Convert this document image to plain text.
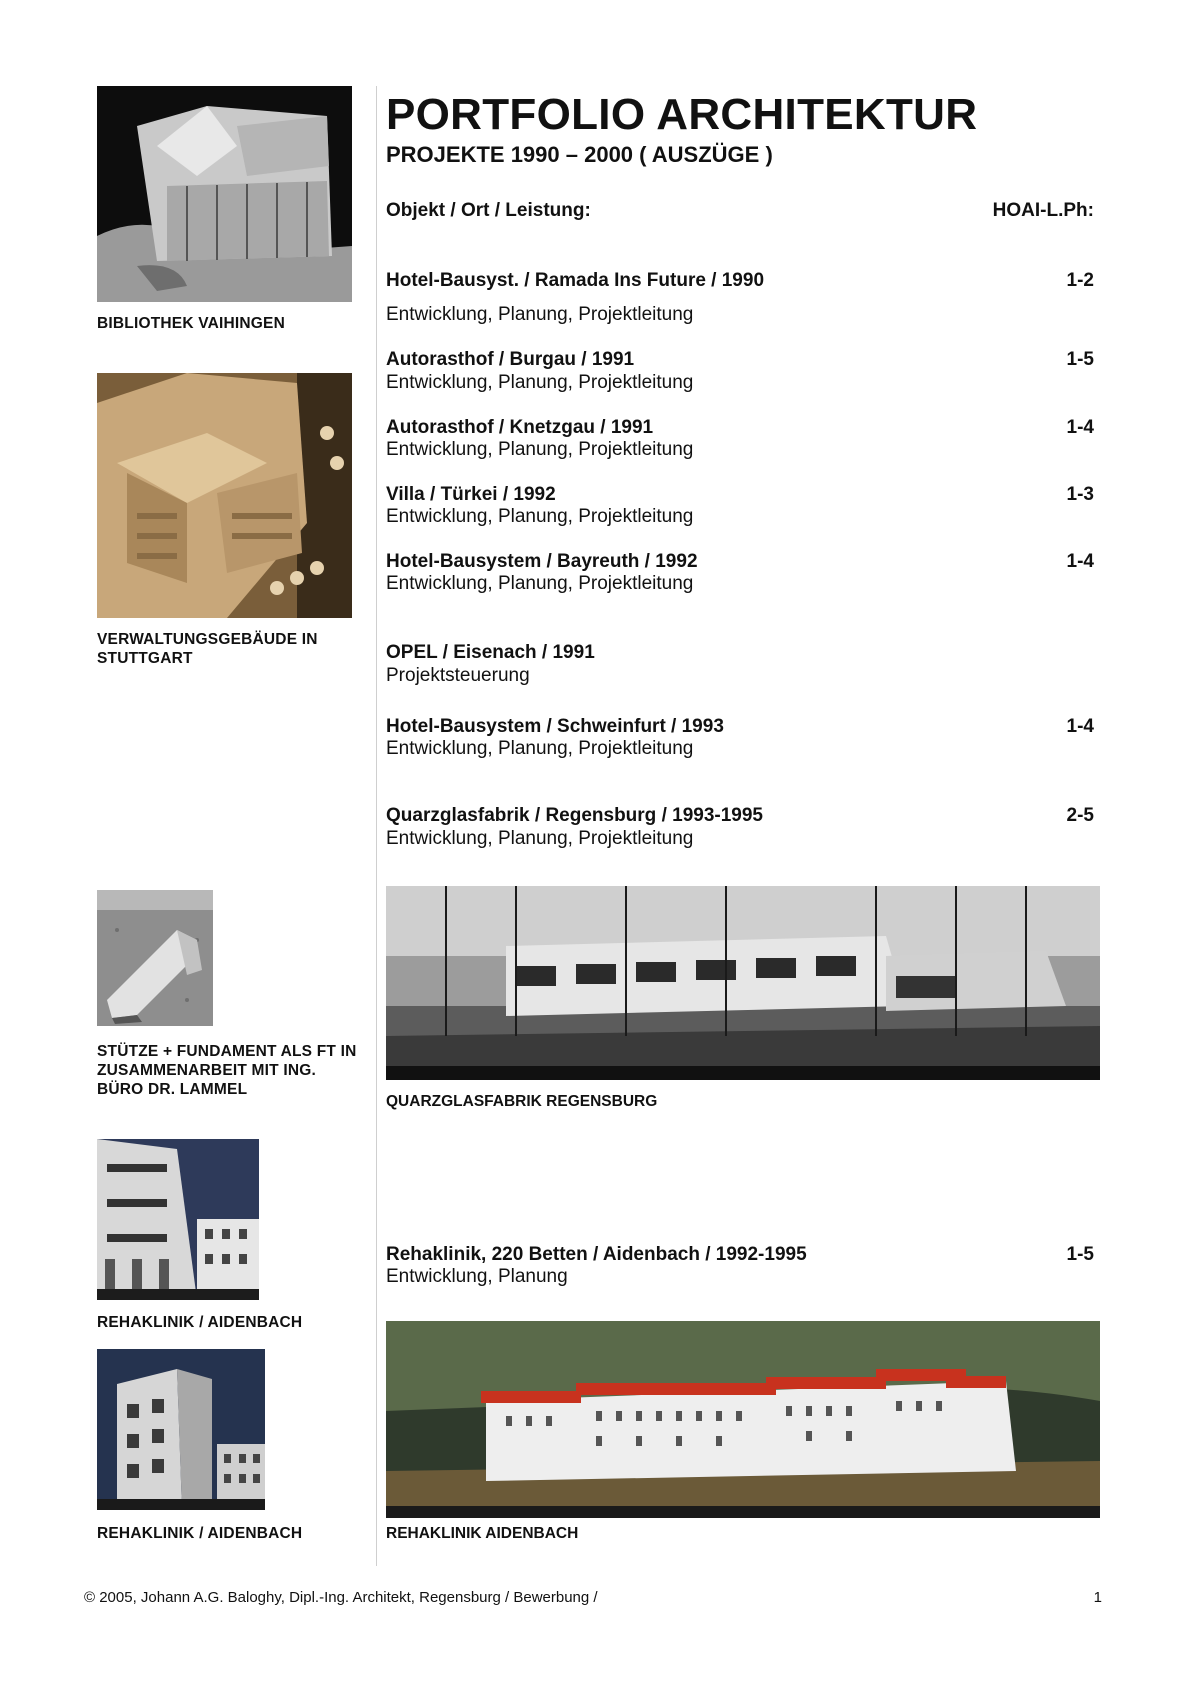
BIBLIOTHEK VAIHINGEN
VERWALTUNGSGEBÄUDE IN STUTTGART
STÜTZE + FUNDAMENT ALS FT IN ZUSAMMENARBEIT MIT ING. BÜRO DR. LAMMEL
REHAKLINIK / AIDENBACH
REHAKLINIK / AIDENBACH
PORTFOLIO ARCHITEKTUR
PROJEKTE 1990 – 2000 ( AUSZÜGE )
Objekt / Ort / Leistung:	HOAI-L.Ph:
Hotel-Bausyst. / Ramada Ins Future / 1990	1-2
Entwicklung, Planung, Projektleitung
Autorasthof / Burgau / 1991	1-5
Entwicklung, Planung, Projektleitung
Autorasthof / Knetzgau / 1991	1-4
Entwicklung, Planung, Projektleitung
Villa / Türkei / 1992	1-3
Entwicklung, Planung, Projektleitung
Hotel-Bausystem / Bayreuth / 1992	1-4
Entwicklung, Planung, Projektleitung
OPEL / Eisenach / 1991
Projektsteuerung
Hotel-Bausystem / Schweinfurt / 1993	1-4
Entwicklung, Planung, Projektleitung
Quarzglasfabrik / Regensburg / 1993-1995	2-5
Entwicklung, Planung, Projektleitung
QUARZGLASFABRIK REGENSBURG
Rehaklinik, 220 Betten / Aidenbach / 1992-1995	1-5
Entwicklung, Planung
REHAKLINIK AIDENBACH
© 2005, Johann A.G. Baloghy, Dipl.-Ing. Architekt, Regensburg / Bewerbung /	1
